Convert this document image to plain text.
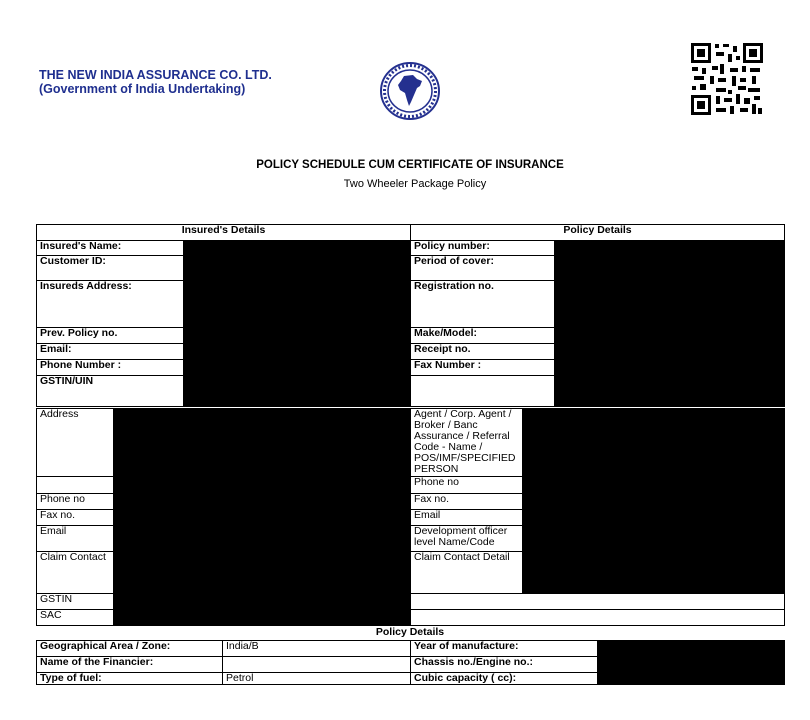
THE NEW INDIA ASSURANCE CO. LTD.
(Government of India Undertaking)
POLICY SCHEDULE CUM CERTIFICATE OF INSURANCE
Two Wheeler Package Policy
Insured's Details		Policy Details	
Insured's Name:		Policy number:	
Customer ID:		Period of cover:	
Insureds Address:		Registration no.	
Prev. Policy no.		Make/Model:	
Email:		Receipt no.	
Phone Number :		Fax Number :	
GSTIN/UIN			
Address		Agent / Corp. Agent / Broker / Banc Assurance / Referral Code - Name / POS/IMF/SPECIFIED PERSON	
		Phone no	
Phone no		Fax no.	
Fax no.		Email	
Email		Development officer level Name/Code	
Claim Contact		Claim Contact Detail	
GSTIN			
SAC			
Policy Details
Geographical Area / Zone:	India/B	Year of manufacture:	
Name of the Financier:		Chassis no./Engine no.:	
Type of fuel:	Petrol	Cubic capacity ( cc):	
